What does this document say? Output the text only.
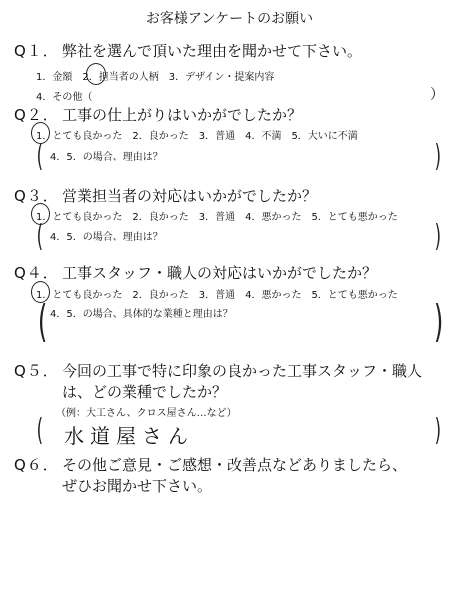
お客様アンケートのお願い
Q１． 弊社を選んで頂いた理由を聞かせて下さい。
1．金額　2．担当者の人柄　3．デザイン・提案内容
4．その他（	）
Q２． 工事の仕上がりはいかがでしたか？
1．とても良かった　2．良かった　3．普通　4．不満　5．大いに不満
( 4．5．の場合、理由は？	)
Q３． 営業担当者の対応はいかがでしたか？
1．とても良かった　2．良かった　3．普通　4．悪かった　5．とても悪かった
( 4．5．の場合、理由は？	)
Q４． 工事スタッフ・職人の対応はいかがでしたか？
1．とても良かった　2．良かった　3．普通　4．悪かった　5．とても悪かった
( 4．5．の場合、具体的な業種と理由は？	)
Q５． 今回の工事で特に印象の良かった工事スタッフ・職人
は、どの業種でしたか？
（例：大工さん、クロス屋さん…など）
( 水道屋さん	)
Q６． その他ご意見・ご感想・改善点などありましたら、
ぜひお聞かせ下さい。
